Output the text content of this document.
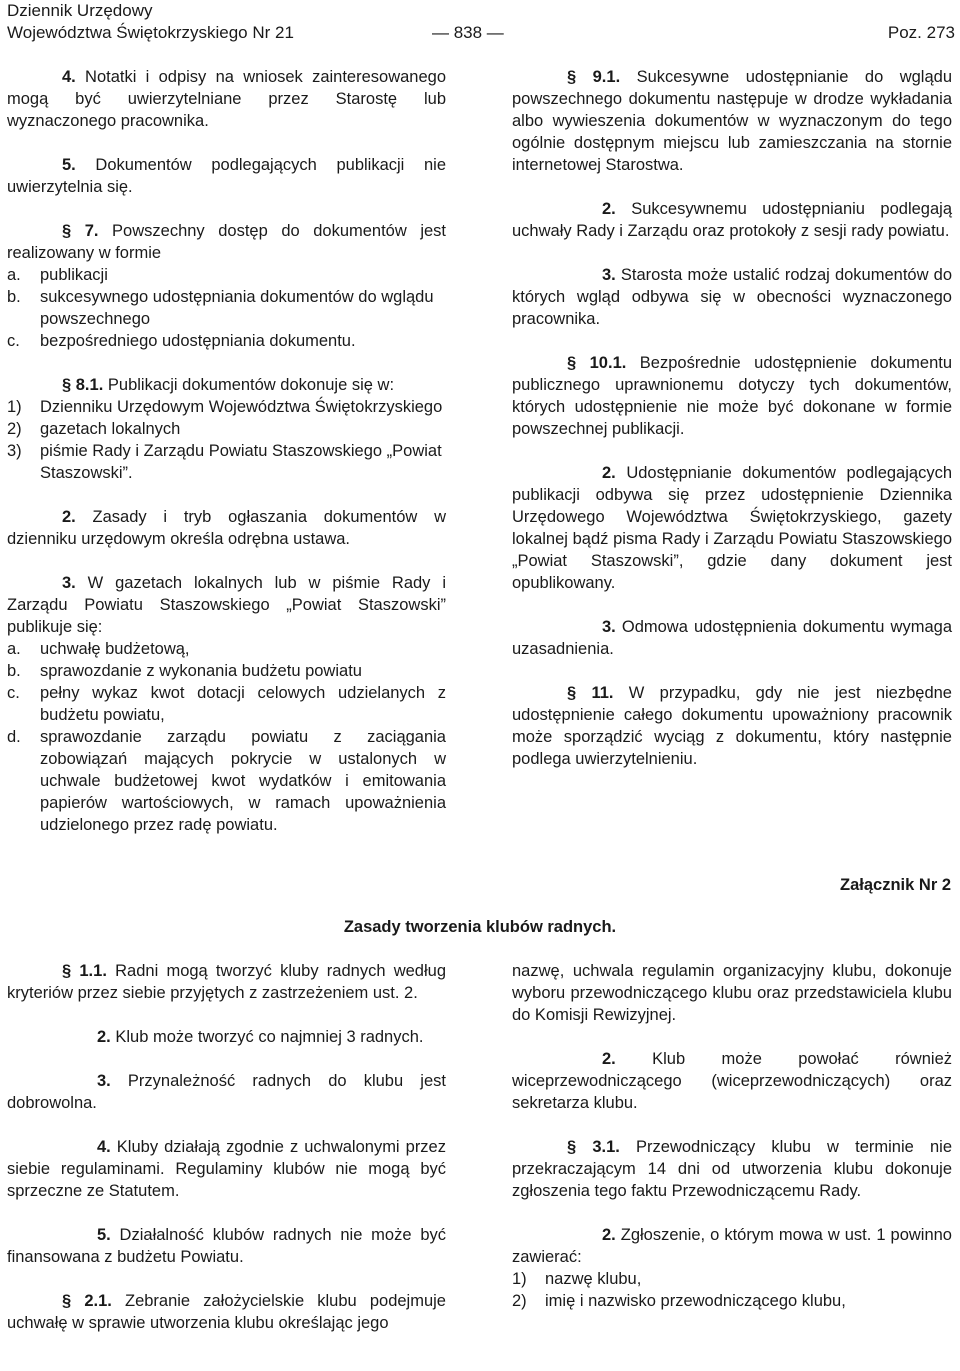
Dziennik Urzędowy
Województwa Świętokrzyskiego Nr 21	— 838 —	Poz. 273

4. Notatki i odpisy na wniosek zainteresowanego mogą być uwierzytelniane przez Starostę lub wyznaczonego pracownika.

5. Dokumentów podlegających publikacji nie uwierzytelnia się.

§ 7. Powszechny dostęp do dokumentów jest realizowany w formie

a. publikacji
b. sukcesywnego udostępniania dokumentów do wglądu powszechnego
c. bezpośredniego udostępniania dokumentu.

§ 8.1. Publikacji dokumentów dokonuje się w:

1) Dzienniku Urzędowym Województwa Świętokrzyskiego
2) gazetach lokalnych
3) piśmie Rady i Zarządu Powiatu Staszowskiego „Powiat Staszowski”.

2. Zasady i tryb ogłaszania dokumentów w dzienniku urzędowym określa odrębna ustawa.

3. W gazetach lokalnych lub w piśmie Rady i Zarządu Powiatu Staszowskiego „Powiat Staszowski” publikuje się:

a. uchwałę budżetową,
b. sprawozdanie z wykonania budżetu powiatu
c. pełny wykaz kwot dotacji celowych udzielanych z budżetu powiatu,
d. sprawozdanie zarządu powiatu z zaciągania zobowiązań mających pokrycie w ustalonych w uchwale budżetowej kwot wydatków i emitowania papierów wartościowych, w ramach upoważnienia udzielonego przez radę powiatu.

§ 9.1. Sukcesywne udostępnianie do wglądu powszechnego dokumentu następuje w drodze wykładania albo wywieszenia dokumentów w wyznaczonym do tego ogólnie dostępnym miejscu lub zamieszczania na stornie internetowej Starostwa.

2. Sukcesywnemu udostępnianiu podlegają uchwały Rady i Zarządu oraz protokoły z sesji rady powiatu.

3. Starosta może ustalić rodzaj dokumentów do których wgląd odbywa się w obecności wyznaczonego pracownika.

§ 10.1. Bezpośrednie udostępnienie dokumentu publicznego uprawnionemu dotyczy tych dokumentów, których udostępnienie nie może być dokonane w formie powszechnej publikacji.

2. Udostępnianie dokumentów podlegających publikacji odbywa się przez udostępnienie Dziennika Urzędowego Województwa Świętokrzyskiego, gazety lokalnej bądź pisma Rady i Zarządu Powiatu Staszowskiego „Powiat Staszowski”, gdzie dany dokument jest opublikowany.

3. Odmowa udostępnienia dokumentu wymaga uzasadnienia.

§ 11. W przypadku, gdy nie jest niezbędne udostępnienie całego dokumentu upoważniony pracownik może sporządzić wyciąg z dokumentu, który następnie podlega uwierzytelnieniu.

Załącznik Nr 2
Zasady tworzenia klubów radnych.

§ 1.1. Radni mogą tworzyć kluby radnych według kryteriów przez siebie przyjętych z zastrzeżeniem ust. 2.

2. Klub może tworzyć co najmniej 3 radnych.

3. Przynależność radnych do klubu jest dobrowolna.

4. Kluby działają zgodnie z uchwalonymi przez siebie regulaminami. Regulaminy klubów nie mogą być sprzeczne ze Statutem.

5. Działalność klubów radnych nie może być finansowana z budżetu Powiatu.

§ 2.1. Zebranie założycielskie klubu podejmuje uchwałę w sprawie utworzenia klubu określając jego

nazwę, uchwala regulamin organizacyjny klubu, dokonuje wyboru przewodniczącego klubu oraz przedstawiciela klubu do Komisji Rewizyjnej.

2. Klub może powołać również wiceprzewodniczącego (wiceprzewodniczących) oraz sekretarza klubu.

§ 3.1. Przewodniczący klubu w terminie nie przekraczającym 14 dni od utworzenia klubu dokonuje zgłoszenia tego faktu Przewodniczącemu Rady.

2. Zgłoszenie, o którym mowa w ust. 1 powinno zawierać:

1) nazwę klubu,
2) imię i nazwisko przewodniczącego klubu,
